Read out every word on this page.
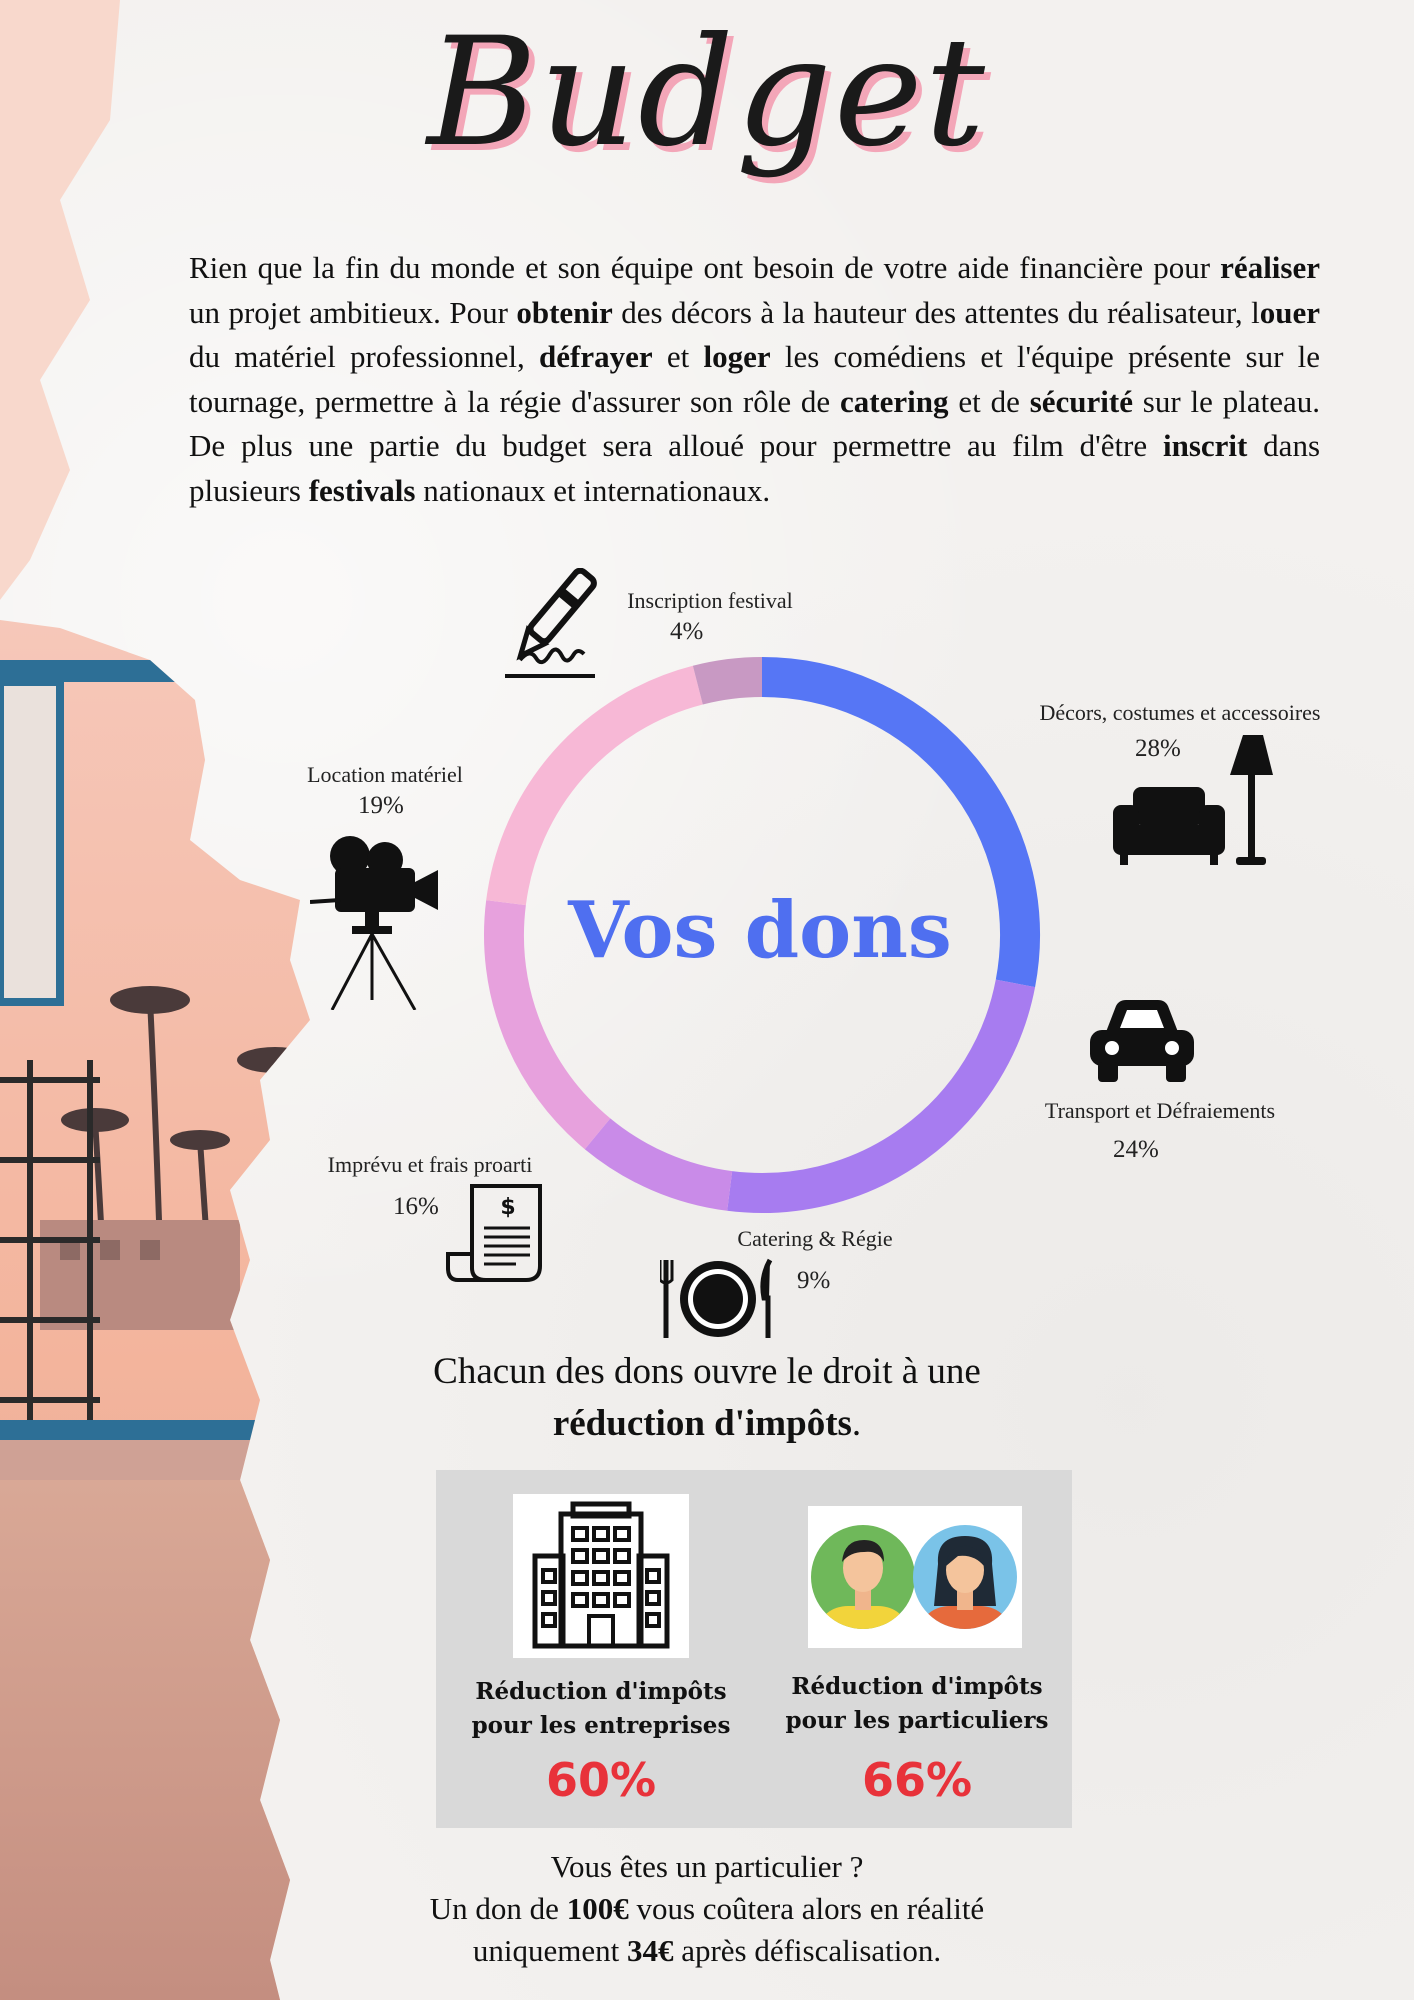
Budget
Rien que la fin du monde et son équipe ont besoin de votre aide financière pour réaliser un projet ambitieux. Pour obtenir des décors à la hauteur des attentes du réalisateur, louer du matériel professionnel, défrayer et loger les comédiens et l'équipe présente sur le tournage, permettre à la régie d'assurer son rôle de catering et de sécurité sur le plateau. De plus une partie du budget sera alloué pour permettre au film d'être inscrit dans plusieurs festivals nationaux et internationaux.
Vos dons
Inscription festival
4%
Décors, costumes et accessoires
28%
Location matériel
19%
Transport et Défraiements
24%
Imprévu et frais proarti
16%
Catering & Régie
9%
$
Chacun des dons ouvre le droit à une
réduction d'impôts.
Réduction d'impôts
pour les entreprises
60%
Réduction d'impôts
pour les particuliers
66%
Vous êtes un particulier ?
Un don de 100€ vous coûtera alors en réalité
uniquement 34€ après défiscalisation.
